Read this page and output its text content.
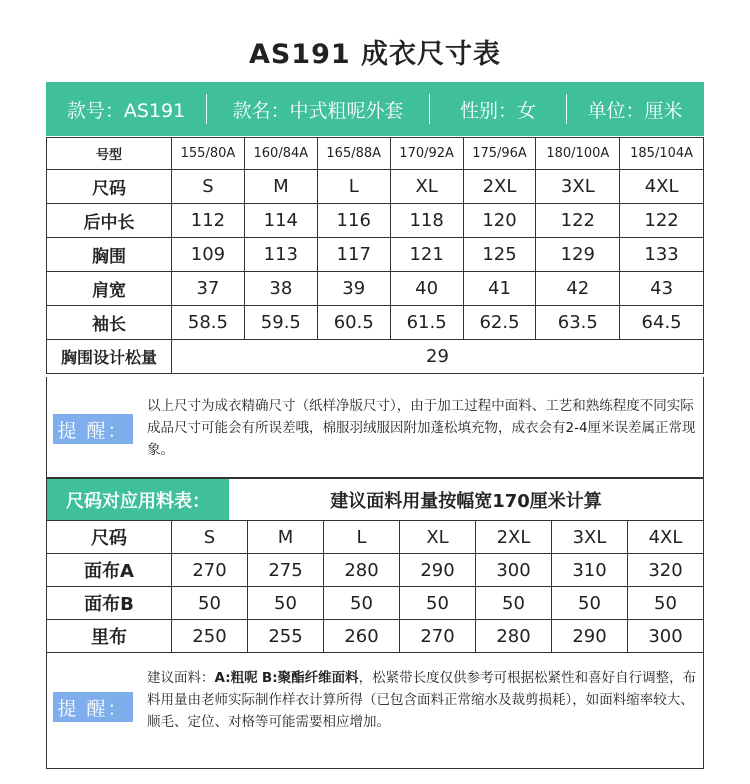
AS191 成衣尺寸表
款号：AS191	款名：中式粗呢外套	性别：女	单位：厘米
号型	155/80A	160/84A	165/88A	170/92A	175/96A	180/100A	185/104A
尺码	S	M	L	XL	2XL	3XL	4XL
后中长	112	114	116	118	120	122	122
胸围	109	113	117	121	125	129	133
肩宽	37	38	39	40	41	42	43
袖长	58.5	59.5	60.5	61.5	62.5	63.5	64.5
胸围设计松量	29						
提 醒：
以上尺寸为成衣精确尺寸（纸样净版尺寸），由于加工过程中面料、工艺和熟练程度不同实际成品尺寸可能会有所误差哦，棉服羽绒服因附加蓬松填充物，成衣会有2-4厘米误差属正常现象。
尺码对应用料表：	建议面料用量按幅宽170厘米计算
尺码	S	M	L	XL	2XL	3XL	4XL
面布A	270	275	280	290	300	310	320
面布B	50	50	50	50	50	50	50
里布	250	255	260	270	280	290	300
提 醒：
建议面料：A:粗呢 B:聚酯纤维面料，松紧带长度仅供参考可根据松紧性和喜好自行调整，布料用量由老师实际制作样衣计算所得（已包含面料正常缩水及裁剪损耗），如面料缩率较大、顺毛、定位、对格等可能需要相应增加。
